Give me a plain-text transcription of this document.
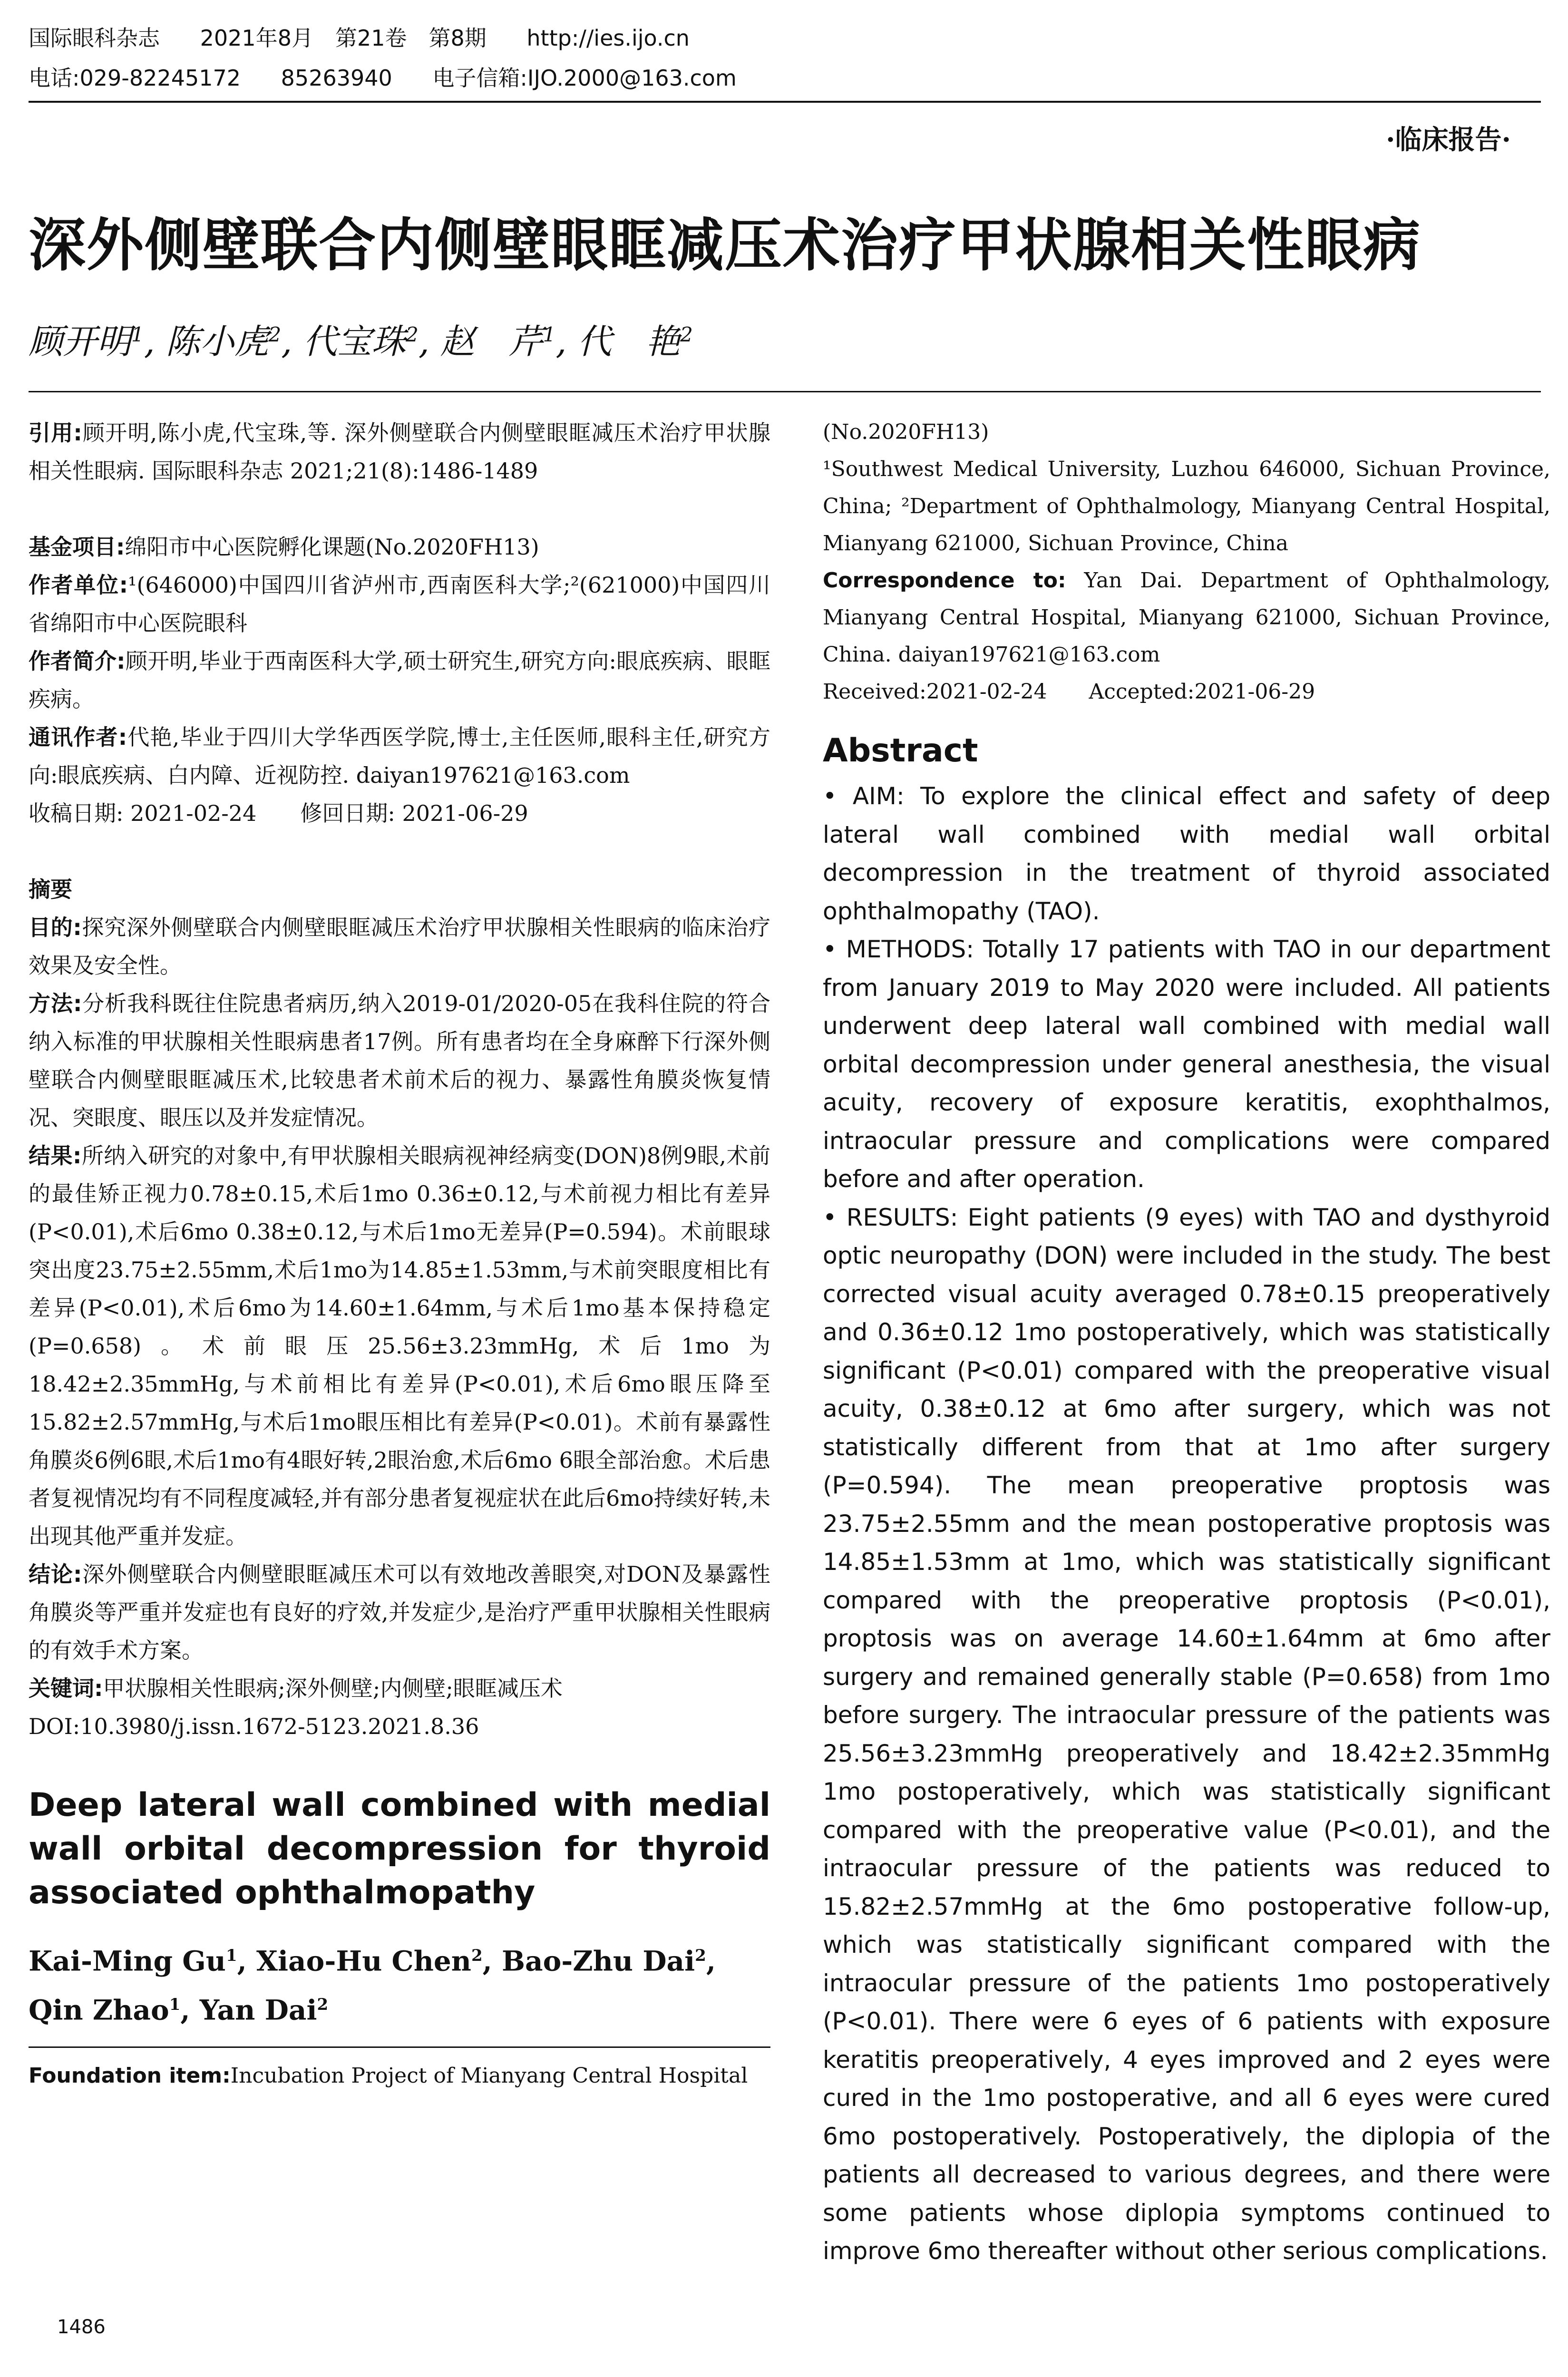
国际眼科杂志 2021年8月　第21卷　第8期 http://ies.ijo.cn
电话:029-82245172 85263940 电子信箱:IJO.2000@163.com
·临床报告·
深外侧壁联合内侧壁眼眶减压术治疗甲状腺相关性眼病
顾开明$^1$, 陈小虎$^2$, 代宝珠$^2$, 赵　芹$^1$, 代　艳$^2$

引用:顾开明,陈小虎,代宝珠,等. 深外侧壁联合内侧壁眼眶减压术治疗甲状腺相关性眼病. 国际眼科杂志 2021;21(8):1486-1489

基金项目:绵阳市中心医院孵化课题(No.2020FH13)

作者单位:¹(646000)中国四川省泸州市,西南医科大学;²(621000)中国四川省绵阳市中心医院眼科

作者简介:顾开明,毕业于西南医科大学,硕士研究生,研究方向:眼底疾病、眼眶疾病。

通讯作者:代艳,毕业于四川大学华西医学院,博士,主任医师,眼科主任,研究方向:眼底疾病、白内障、近视防控. daiyan197621@163.com

收稿日期: 2021-02-24　　修回日期: 2021-06-29

摘要

目的:探究深外侧壁联合内侧壁眼眶减压术治疗甲状腺相关性眼病的临床治疗效果及安全性。

方法:分析我科既往住院患者病历,纳入2019-01/2020-05在我科住院的符合纳入标准的甲状腺相关性眼病患者17例。所有患者均在全身麻醉下行深外侧壁联合内侧壁眼眶减压术,比较患者术前术后的视力、暴露性角膜炎恢复情况、突眼度、眼压以及并发症情况。

结果:所纳入研究的对象中,有甲状腺相关眼病视神经病变(DON)8例9眼,术前的最佳矫正视力0.78±0.15,术后1mo 0.36±0.12,与术前视力相比有差异(P<0.01),术后6mo 0.38±0.12,与术后1mo无差异(P=0.594)。术前眼球突出度23.75±2.55mm,术后1mo为14.85±1.53mm,与术前突眼度相比有差异(P<0.01),术后6mo为14.60±1.64mm,与术后1mo基本保持稳定(P=0.658)。术前眼压25.56±3.23mmHg,术后1mo为18.42±2.35mmHg,与术前相比有差异(P<0.01),术后6mo眼压降至15.82±2.57mmHg,与术后1mo眼压相比有差异(P<0.01)。术前有暴露性角膜炎6例6眼,术后1mo有4眼好转,2眼治愈,术后6mo 6眼全部治愈。术后患者复视情况均有不同程度减轻,并有部分患者复视症状在此后6mo持续好转,未出现其他严重并发症。

结论:深外侧壁联合内侧壁眼眶减压术可以有效地改善眼突,对DON及暴露性角膜炎等严重并发症也有良好的疗效,并发症少,是治疗严重甲状腺相关性眼病的有效手术方案。

关键词:甲状腺相关性眼病;深外侧壁;内侧壁;眼眶减压术

DOI:10.3980/j.issn.1672-5123.2021.8.36

Deep lateral wall combined with medial wall orbital decompression for thyroid associated ophthalmopathy

Kai-Ming Gu$^1$, Xiao-Hu Chen$^2$, Bao-Zhu Dai$^2$, Qin Zhao$^1$, Yan Dai$^2$

Foundation item:Incubation Project of Mianyang Central Hospital

(No.2020FH13)

¹Southwest Medical University, Luzhou 646000, Sichuan Province, China; ²Department of Ophthalmology, Mianyang Central Hospital, Mianyang 621000, Sichuan Province, China

Correspondence to: Yan Dai. Department of Ophthalmology, Mianyang Central Hospital, Mianyang 621000, Sichuan Province, China. daiyan197621@163.com

Received:2021-02-24　　Accepted:2021-06-29

Abstract

• AIM: To explore the clinical effect and safety of deep lateral wall combined with medial wall orbital decompression in the treatment of thyroid associated ophthalmopathy (TAO).

• METHODS: Totally 17 patients with TAO in our department from January 2019 to May 2020 were included. All patients underwent deep lateral wall combined with medial wall orbital decompression under general anesthesia, the visual acuity, recovery of exposure keratitis, exophthalmos, intraocular pressure and complications were compared before and after operation.

• RESULTS: Eight patients (9 eyes) with TAO and dysthyroid optic neuropathy (DON) were included in the study. The best corrected visual acuity averaged 0.78±0.15 preoperatively and 0.36±0.12 1mo postoperatively, which was statistically significant (P<0.01) compared with the preoperative visual acuity, 0.38±0.12 at 6mo after surgery, which was not statistically different from that at 1mo after surgery (P=0.594). The mean preoperative proptosis was 23.75±2.55mm and the mean postoperative proptosis was 14.85±1.53mm at 1mo, which was statistically significant compared with the preoperative proptosis (P<0.01), proptosis was on average 14.60±1.64mm at 6mo after surgery and remained generally stable (P=0.658) from 1mo before surgery. The intraocular pressure of the patients was 25.56±3.23mmHg preoperatively and 18.42±2.35mmHg 1mo postoperatively, which was statistically significant compared with the preoperative value (P<0.01), and the intraocular pressure of the patients was reduced to 15.82±2.57mmHg at the 6mo postoperative follow-up, which was statistically significant compared with the intraocular pressure of the patients 1mo postoperatively (P<0.01). There were 6 eyes of 6 patients with exposure keratitis preoperatively, 4 eyes improved and 2 eyes were cured in the 1mo postoperative, and all 6 eyes were cured 6mo postoperatively. Postoperatively, the diplopia of the patients all decreased to various degrees, and there were some patients whose diplopia symptoms continued to improve 6mo thereafter without other serious complications.

1486
